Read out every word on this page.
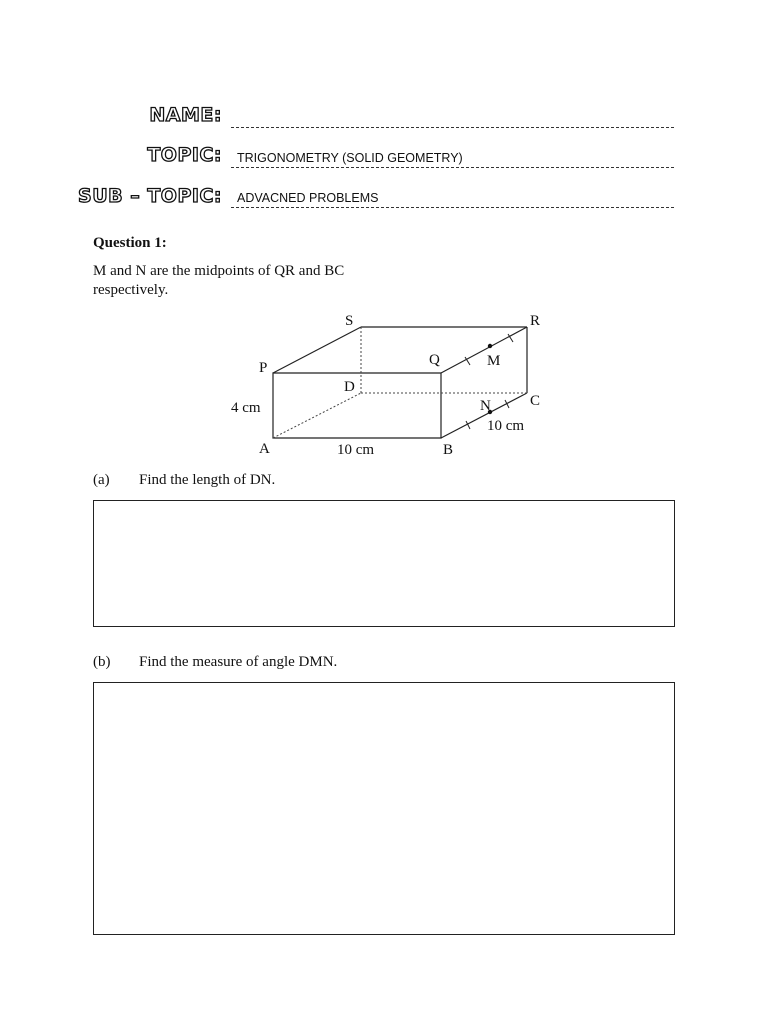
NAME:
TOPIC: TRIGONOMETRY (SOLID GEOMETRY)
SUB – TOPIC: ADVACNED PROBLEMS
Question 1:
M and N are the midpoints of QR and BC respectively.
S	R
P	Q	M
D
N	C
A	B
4 cm
10 cm
10 cm
(a) Find the length of DN.
(b) Find the measure of angle DMN.
